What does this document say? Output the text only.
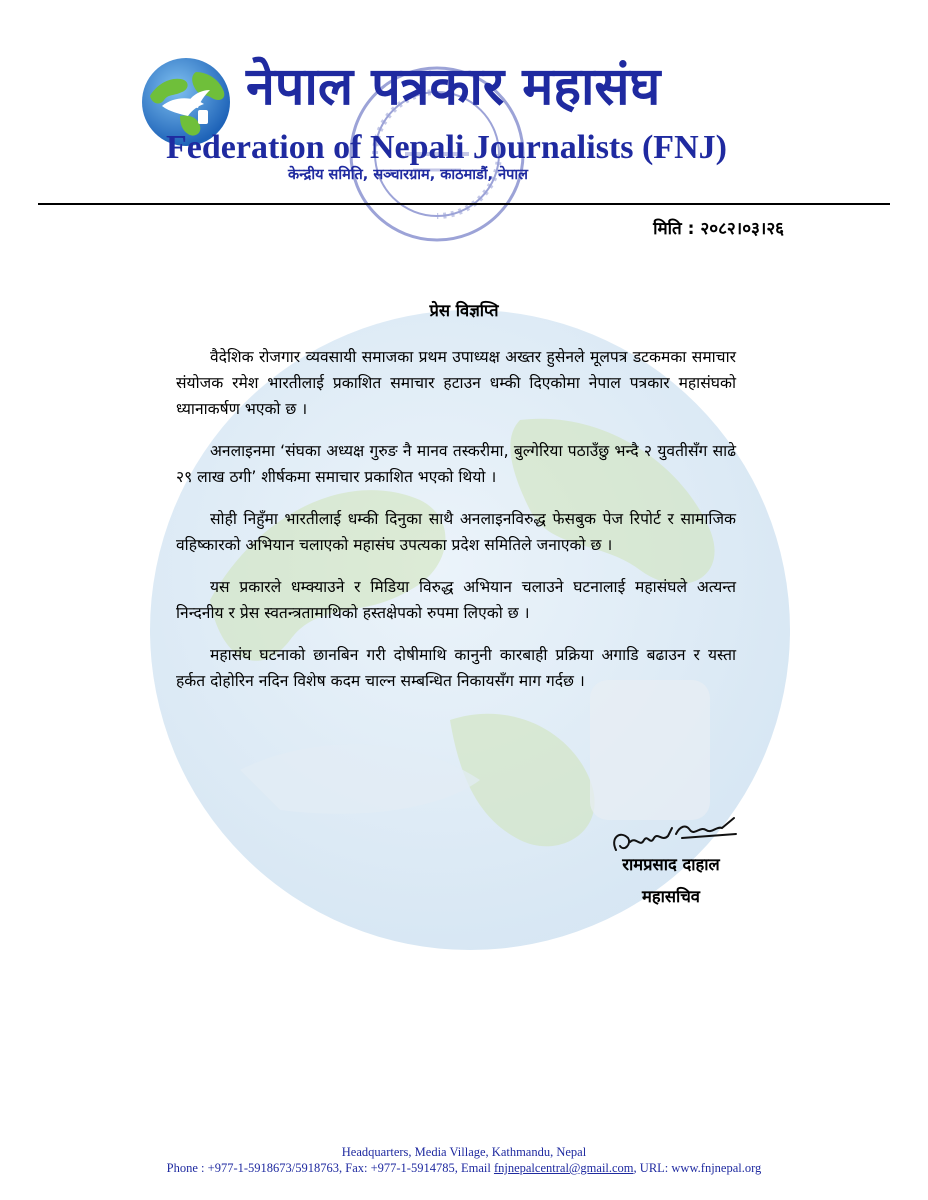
नेपाल पत्रकार महासंघ
Federation of Nepali Journalists (FNJ)
केन्द्रीय समिति, सञ्चारग्राम, काठमाडौं, नेपाल
मिति : २०८२।०३।२६
प्रेस विज्ञप्ति

वैदेशिक रोजगार व्यवसायी समाजका प्रथम उपाध्यक्ष अख्तर हुसेनले मूलपत्र डटकमका समाचार संयोजक रमेश भारतीलाई प्रकाशित समाचार हटाउन धम्की दिएकोमा नेपाल पत्रकार महासंघको ध्यानाकर्षण भएको छ ।

अनलाइनमा ‘संघका अध्यक्ष गुरुङ नै मानव तस्करीमा, बुल्गेरिया पठाउँछु भन्दै २ युवतीसँग साढे २९ लाख ठगी’ शीर्षकमा समाचार प्रकाशित भएको थियो ।

सोही निहुँमा भारतीलाई धम्की दिनुका साथै अनलाइनविरुद्ध फेसबुक पेज रिपोर्ट र सामाजिक वहिष्कारको अभियान चलाएको महासंघ उपत्यका प्रदेश समितिले जनाएको छ ।

यस प्रकारले धम्क्याउने र मिडिया विरुद्ध अभियान चलाउने घटनालाई महासंघले अत्यन्त निन्दनीय र प्रेस स्वतन्त्रतामाथिको हस्तक्षेपको रुपमा लिएको छ ।

महासंघ घटनाको छानबिन गरी दोषीमाथि कानुनी कारबाही प्रक्रिया अगाडि बढाउन र यस्ता हर्कत दोहोरिन नदिन विशेष कदम चाल्न सम्बन्धित निकायसँग माग गर्दछ ।

रामप्रसाद दाहाल
महासचिव
Headquarters, Media Village, Kathmandu, Nepal
Phone : +977-1-5918673/5918763, Fax: +977-1-5914785, Email fnjnepalcentral@gmail.com, URL: www.fnjnepal.org
